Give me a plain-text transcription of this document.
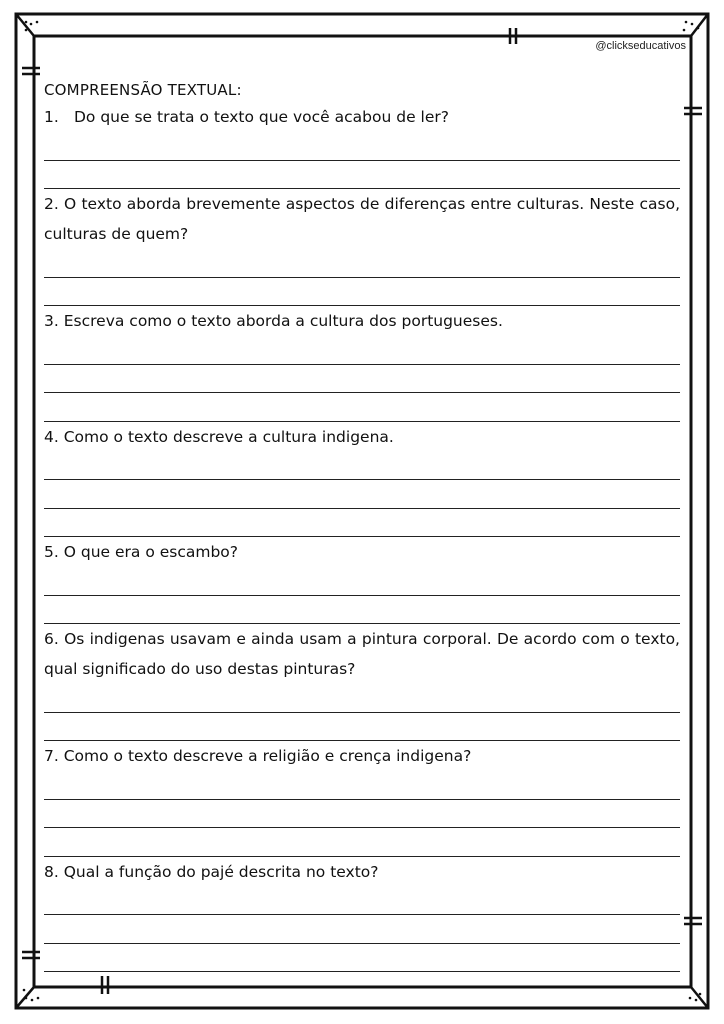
@clickseducativos

COMPREENSÃO TEXTUAL:

1. Do que se trata o texto que você acabou de ler?

2. O texto aborda brevemente aspectos de diferenças entre culturas. Neste caso, culturas de quem?

3. Escreva como o texto aborda a cultura dos portugueses.

4. Como o texto descreve a cultura indigena.

5. O que era o escambo?

6. Os indigenas usavam e ainda usam a pintura corporal. De acordo com o texto, qual significado do uso destas pinturas?

7. Como o texto descreve a religião e crença indigena?

8. Qual a função do pajé descrita no texto?
